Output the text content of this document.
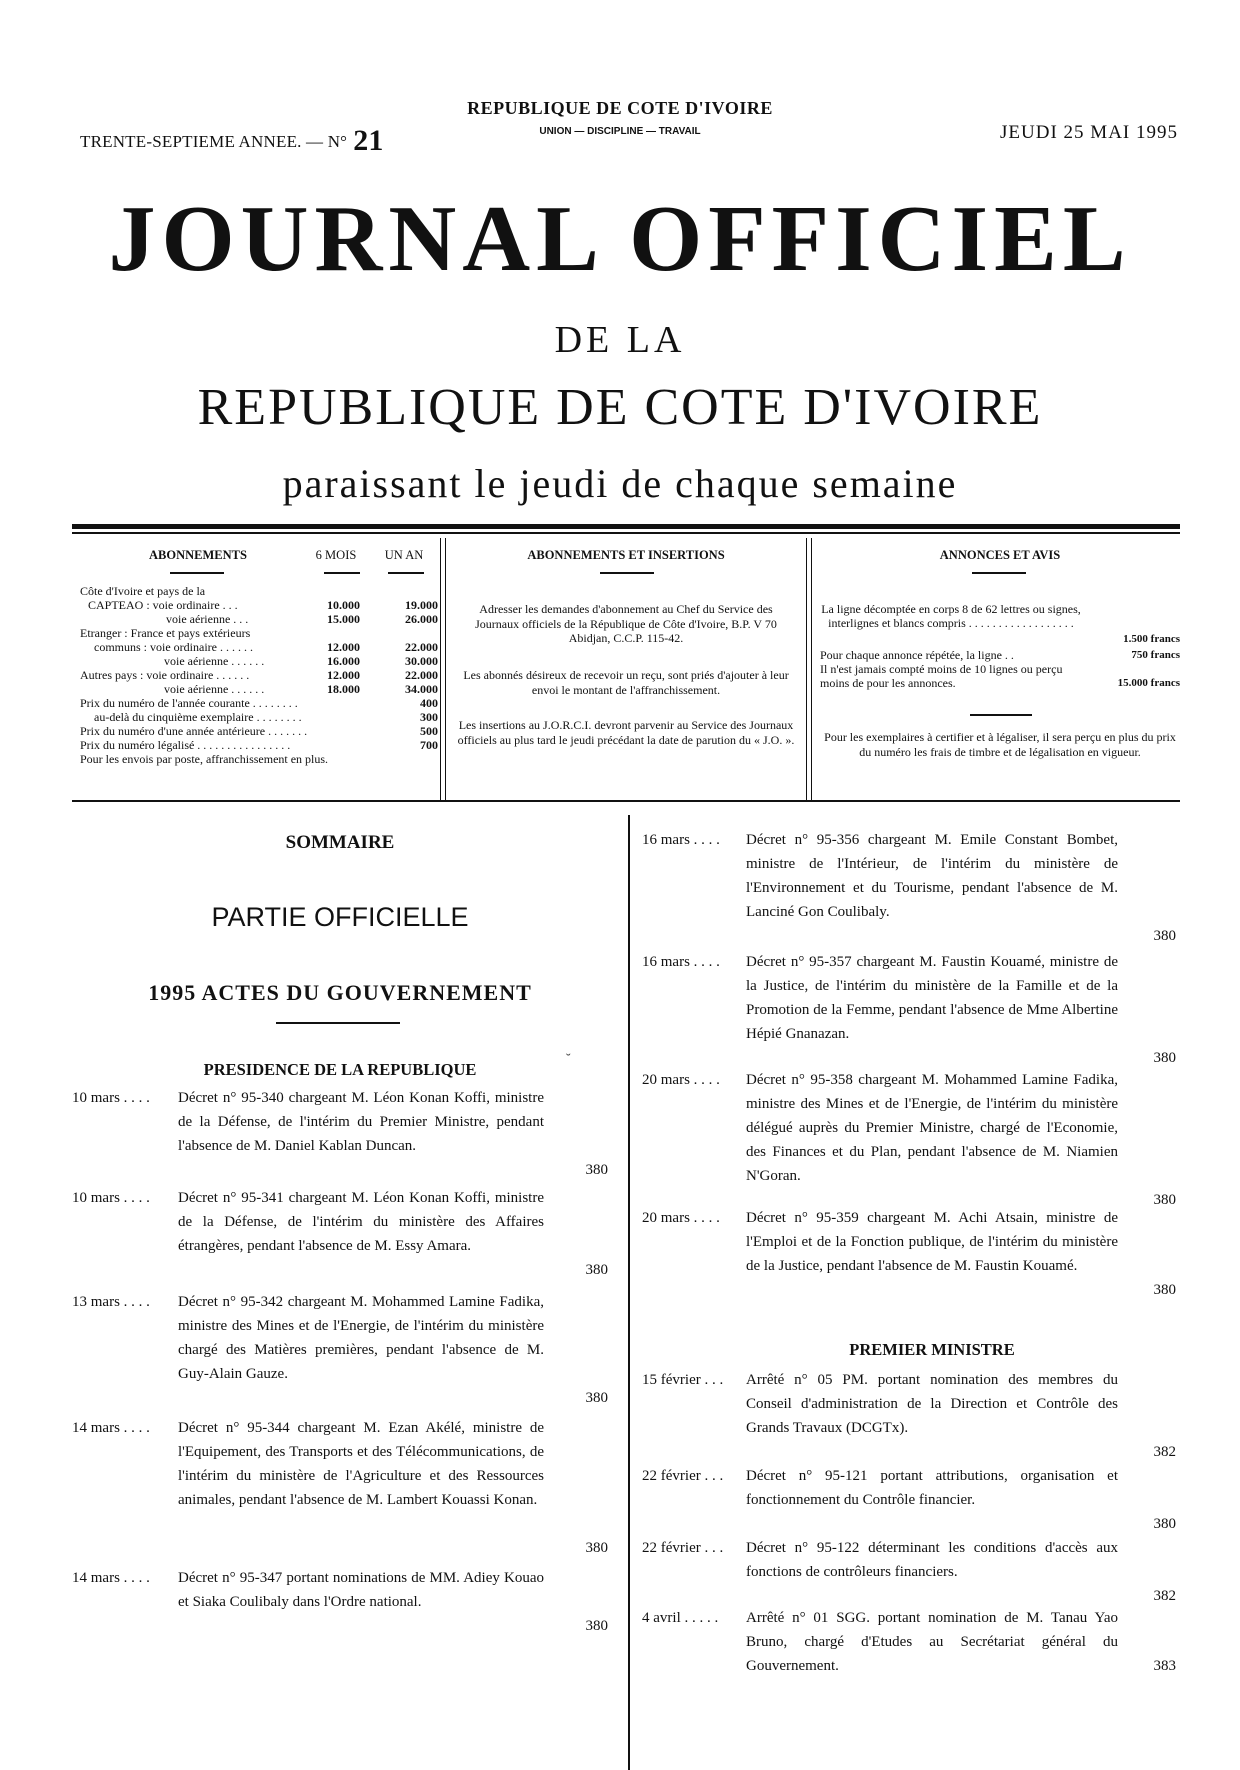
TRENTE-SEPTIEME ANNEE. — N° 21
REPUBLIQUE DE COTE D'IVOIRE
UNION — DISCIPLINE — TRAVAIL	JEUDI 25 MAI 1995
JOURNAL OFFICIEL
DE LA
REPUBLIQUE DE COTE D'IVOIRE
paraissant le jeudi de chaque semaine
ABONNEMENTS	6 MOIS	UN AN
Côte d'Ivoire et pays de la
CAPTEAO : voie ordinaire . . .	10.000	19.000
voie aérienne . . .	15.000	26.000
Etranger : France et pays extérieurs
communs : voie ordinaire . . . . . .	12.000	22.000
voie aérienne . . . . . .	16.000	30.000
Autres pays : voie ordinaire . . . . . .	12.000	22.000
voie aérienne . . . . . .	18.000	34.000
Prix du numéro de l'année courante . . . . . . . .	400
au-delà du cinquième exemplaire . . . . . . . .	300
Prix du numéro d'une année antérieure . . . . . . .	500
Prix du numéro légalisé . . . . . . . . . . . . . . . .	700
Pour les envois par poste, affranchissement en plus.
ABONNEMENTS ET INSERTIONS
Adresser les demandes d'abonnement au Chef du Service des Journaux officiels de la République de Côte d'Ivoire, B.P. V 70 Abidjan, C.C.P. 115-42.
Les abonnés désireux de recevoir un reçu, sont priés d'ajouter à leur envoi le montant de l'affranchissement.
Les insertions au J.O.R.C.I. devront parvenir au Service des Journaux officiels au plus tard le jeudi précédant la date de parution du « J.O. ».
ANNONCES ET AVIS
La ligne décomptée en corps 8 de 62 lettres ou signes, interlignes et blancs compris . . . . . . . . . . . . . . . . . .
1.500 francs
Pour chaque annonce répétée, la ligne . .	750 francs
Il n'est jamais compté moins de 10 lignes ou perçu moins de pour les annonces.	15.000 francs
Pour les exemplaires à certifier et à légaliser, il sera perçu en plus du prix du numéro les frais de timbre et de légalisation en vigueur.
SOMMAIRE
PARTIE OFFICIELLE
1995 ACTES DU GOUVERNEMENT
PRESIDENCE DE LA REPUBLIQUE
˘
10 mars . . . . Décret n° 95-340 chargeant M. Léon Konan Koffi, ministre de la Défense, de l'intérim du Premier Ministre, pendant l'absence de M. Daniel Kablan Duncan.
380
10 mars . . . . Décret n° 95-341 chargeant M. Léon Konan Koffi, ministre de la Défense, de l'intérim du ministère des Affaires étrangères, pendant l'absence de M. Essy Amara.
380
13 mars . . . . Décret n° 95-342 chargeant M. Mohammed Lamine Fadika, ministre des Mines et de l'Energie, de l'intérim du ministère chargé des Matières premières, pendant l'absence de M. Guy-Alain Gauze.
380
14 mars . . . . Décret n° 95-344 chargeant M. Ezan Akélé, ministre de l'Equipement, des Transports et des Télécommunications, de l'intérim du ministère de l'Agriculture et des Ressources animales, pendant l'absence de M. Lambert Kouassi Konan.
380
14 mars . . . . Décret n° 95-347 portant nominations de MM. Adiey Kouao et Siaka Coulibaly dans l'Ordre national.
380
16 mars . . . . Décret n° 95-356 chargeant M. Emile Constant Bombet, ministre de l'Intérieur, de l'intérim du ministère de l'Environnement et du Tourisme, pendant l'absence de M. Lanciné Gon Coulibaly.
380
16 mars . . . . Décret n° 95-357 chargeant M. Faustin Kouamé, ministre de la Justice, de l'intérim du ministère de la Famille et de la Promotion de la Femme, pendant l'absence de Mme Albertine Hépié Gnanazan.
380
20 mars . . . . Décret n° 95-358 chargeant M. Mohammed Lamine Fadika, ministre des Mines et de l'Energie, de l'intérim du ministère délégué auprès du Premier Ministre, chargé de l'Economie, des Finances et du Plan, pendant l'absence de M. Niamien N'Goran.
380
20 mars . . . . Décret n° 95-359 chargeant M. Achi Atsain, ministre de l'Emploi et de la Fonction publique, de l'intérim du ministère de la Justice, pendant l'absence de M. Faustin Kouamé.
380
PREMIER MINISTRE
15 février . . . Arrêté n° 05 PM. portant nomination des membres du Conseil d'administration de la Direction et Contrôle des Grands Travaux (DCGTx).
382
22 février . . . Décret n° 95-121 portant attributions, organisation et fonctionnement du Contrôle financier.
380
22 février . . . Décret n° 95-122 déterminant les conditions d'accès aux fonctions de contrôleurs financiers.
382
4 avril . . . . . Arrêté n° 01 SGG. portant nomination de M. Tanau Yao Bruno, chargé d'Etudes au Secrétariat général du Gouvernement.	383
